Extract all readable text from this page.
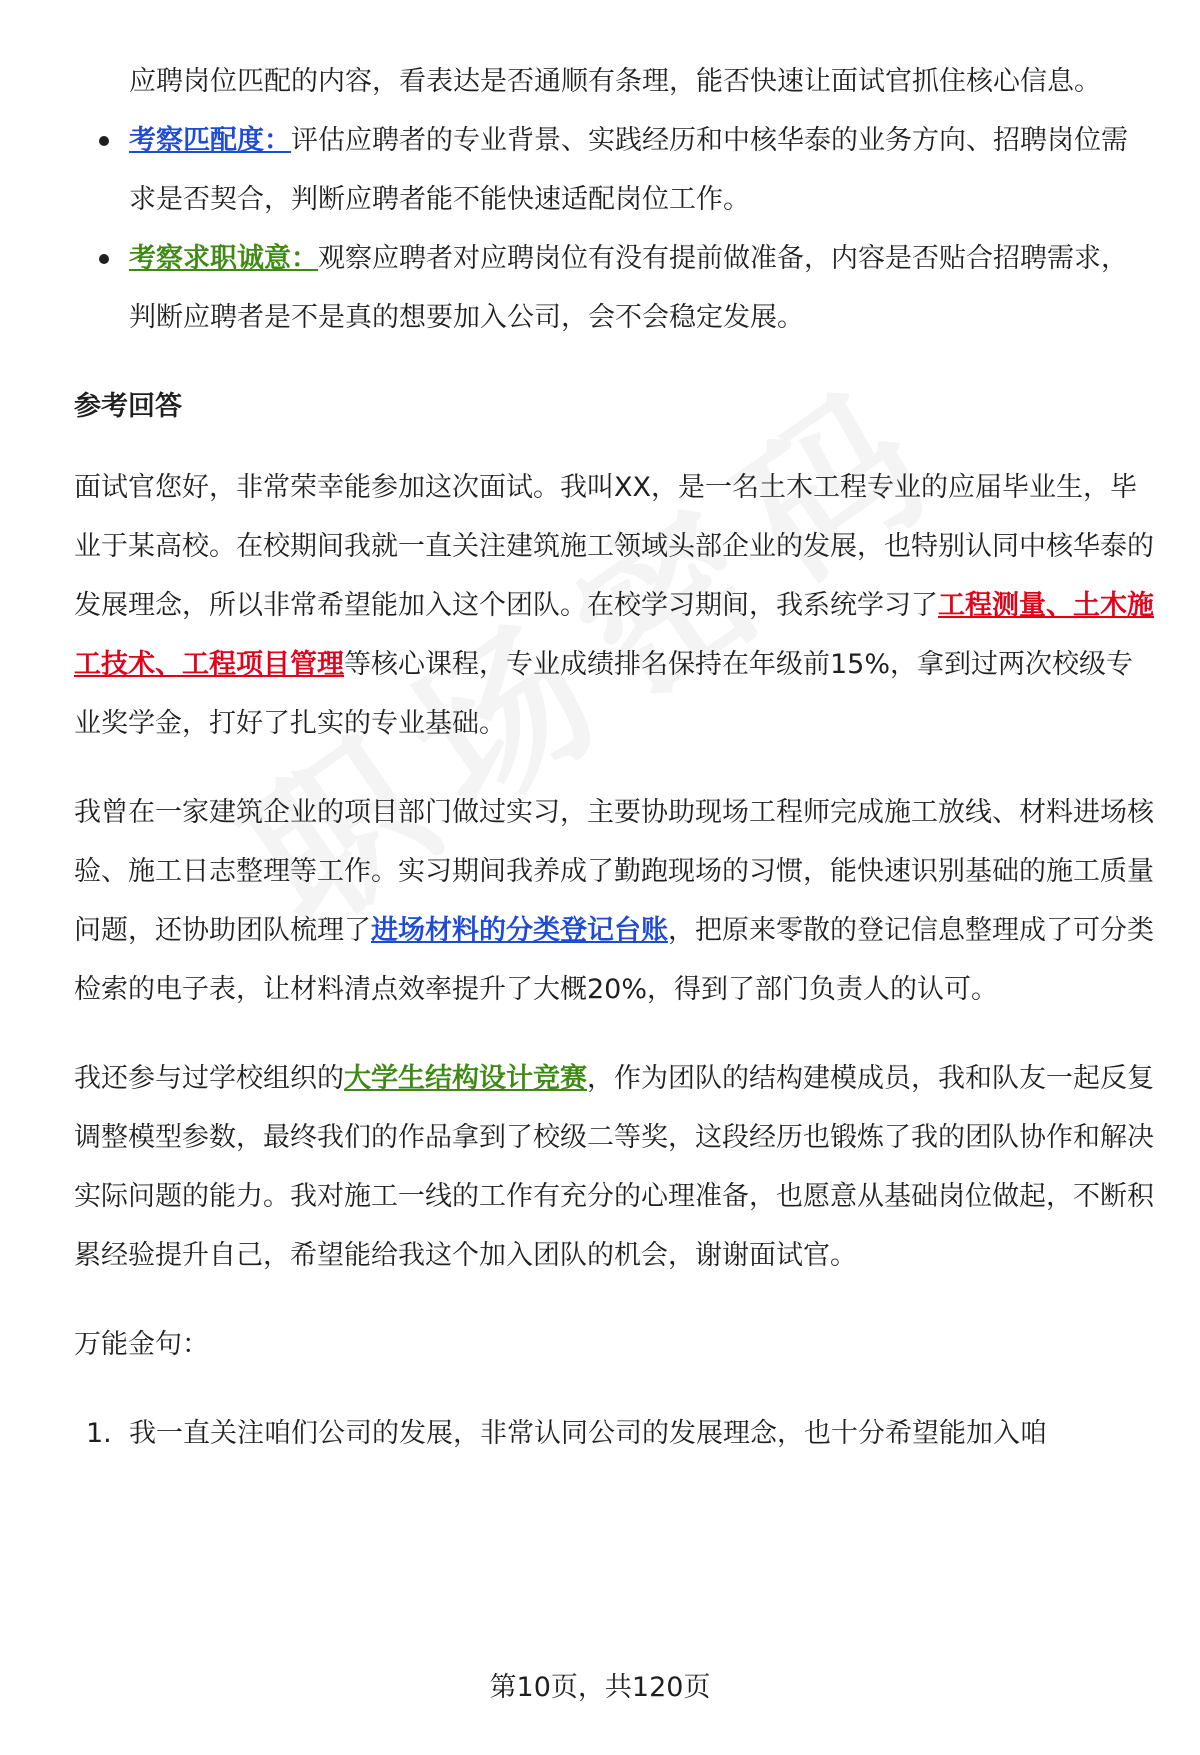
应聘岗位匹配的内容，看表达是否通顺有条理，能否快速让面试官抓住核心信息。

考察匹配度：评估应聘者的专业背景、实践经历和中核华泰的业务方向、招聘岗位需求是否契合，判断应聘者能不能快速适配岗位工作。

考察求职诚意：观察应聘者对应聘岗位有没有提前做准备，内容是否贴合招聘需求，判断应聘者是不是真的想要加入公司，会不会稳定发展。

参考回答

面试官您好，非常荣幸能参加这次面试。我叫XX，是一名土木工程专业的应届毕业生，毕业于某高校。在校期间我就一直关注建筑施工领域头部企业的发展，也特别认同中核华泰的发展理念，所以非常希望能加入这个团队。在校学习期间，我系统学习了工程测量、土木施工技术、工程项目管理等核心课程，专业成绩排名保持在年级前15%，拿到过两次校级专业奖学金，打好了扎实的专业基础。

我曾在一家建筑企业的项目部门做过实习，主要协助现场工程师完成施工放线、材料进场核验、施工日志整理等工作。实习期间我养成了勤跑现场的习惯，能快速识别基础的施工质量问题，还协助团队梳理了进场材料的分类登记台账，把原来零散的登记信息整理成了可分类检索的电子表，让材料清点效率提升了大概20%，得到了部门负责人的认可。

我还参与过学校组织的大学生结构设计竞赛，作为团队的结构建模成员，我和队友一起反复调整模型参数，最终我们的作品拿到了校级二等奖，这段经历也锻炼了我的团队协作和解决实际问题的能力。我对施工一线的工作有充分的心理准备，也愿意从基础岗位做起，不断积累经验提升自己，希望能给我这个加入团队的机会，谢谢面试官。

万能金句：

1. 我一直关注咱们公司的发展，非常认同公司的发展理念，也十分希望能加入咱

第10页，共120页
